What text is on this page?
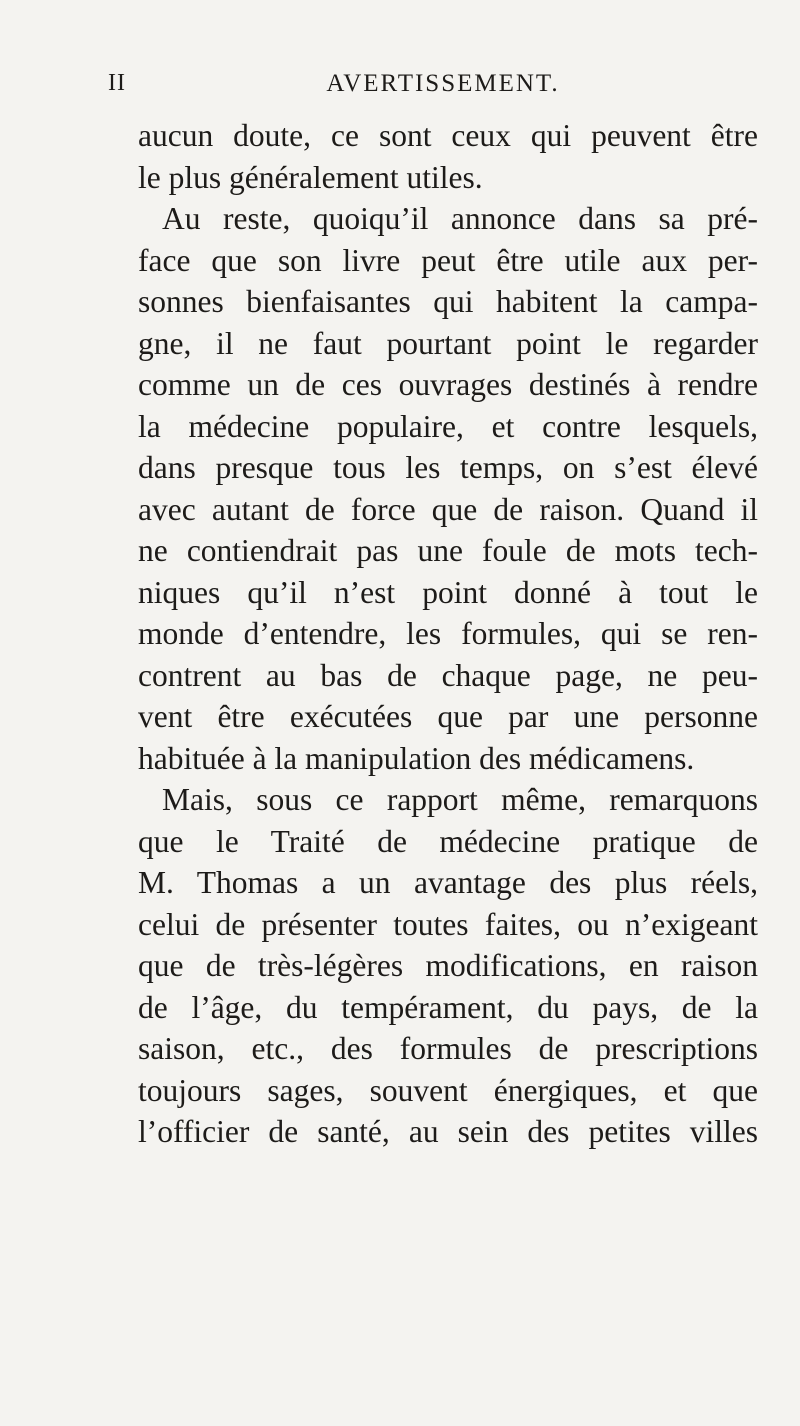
II	AVERTISSEMENT.
aucun doute, ce sont ceux qui peuvent être
le plus généralement utiles.
Au reste, quoiqu’il annonce dans sa pré-
face que son livre peut être utile aux per-
sonnes bienfaisantes qui habitent la campa-
gne, il ne faut pourtant point le regarder
comme un de ces ouvrages destinés à rendre
la médecine populaire, et contre lesquels,
dans presque tous les temps, on s’est élevé
avec autant de force que de raison. Quand il
ne contiendrait pas une foule de mots tech-
niques qu’il n’est point donné à tout le
monde d’entendre, les formules, qui se ren-
contrent au bas de chaque page, ne peu-
vent être exécutées que par une personne
habituée à la manipulation des médicamens.
Mais, sous ce rapport même, remarquons
que le Traité de médecine pratique de
M. Thomas a un avantage des plus réels,
celui de présenter toutes faites, ou n’exigeant
que de très-légères modifications, en raison
de l’âge, du tempérament, du pays, de la
saison, etc., des formules de prescriptions
toujours sages, souvent énergiques, et que
l’officier de santé, au sein des petites villes
